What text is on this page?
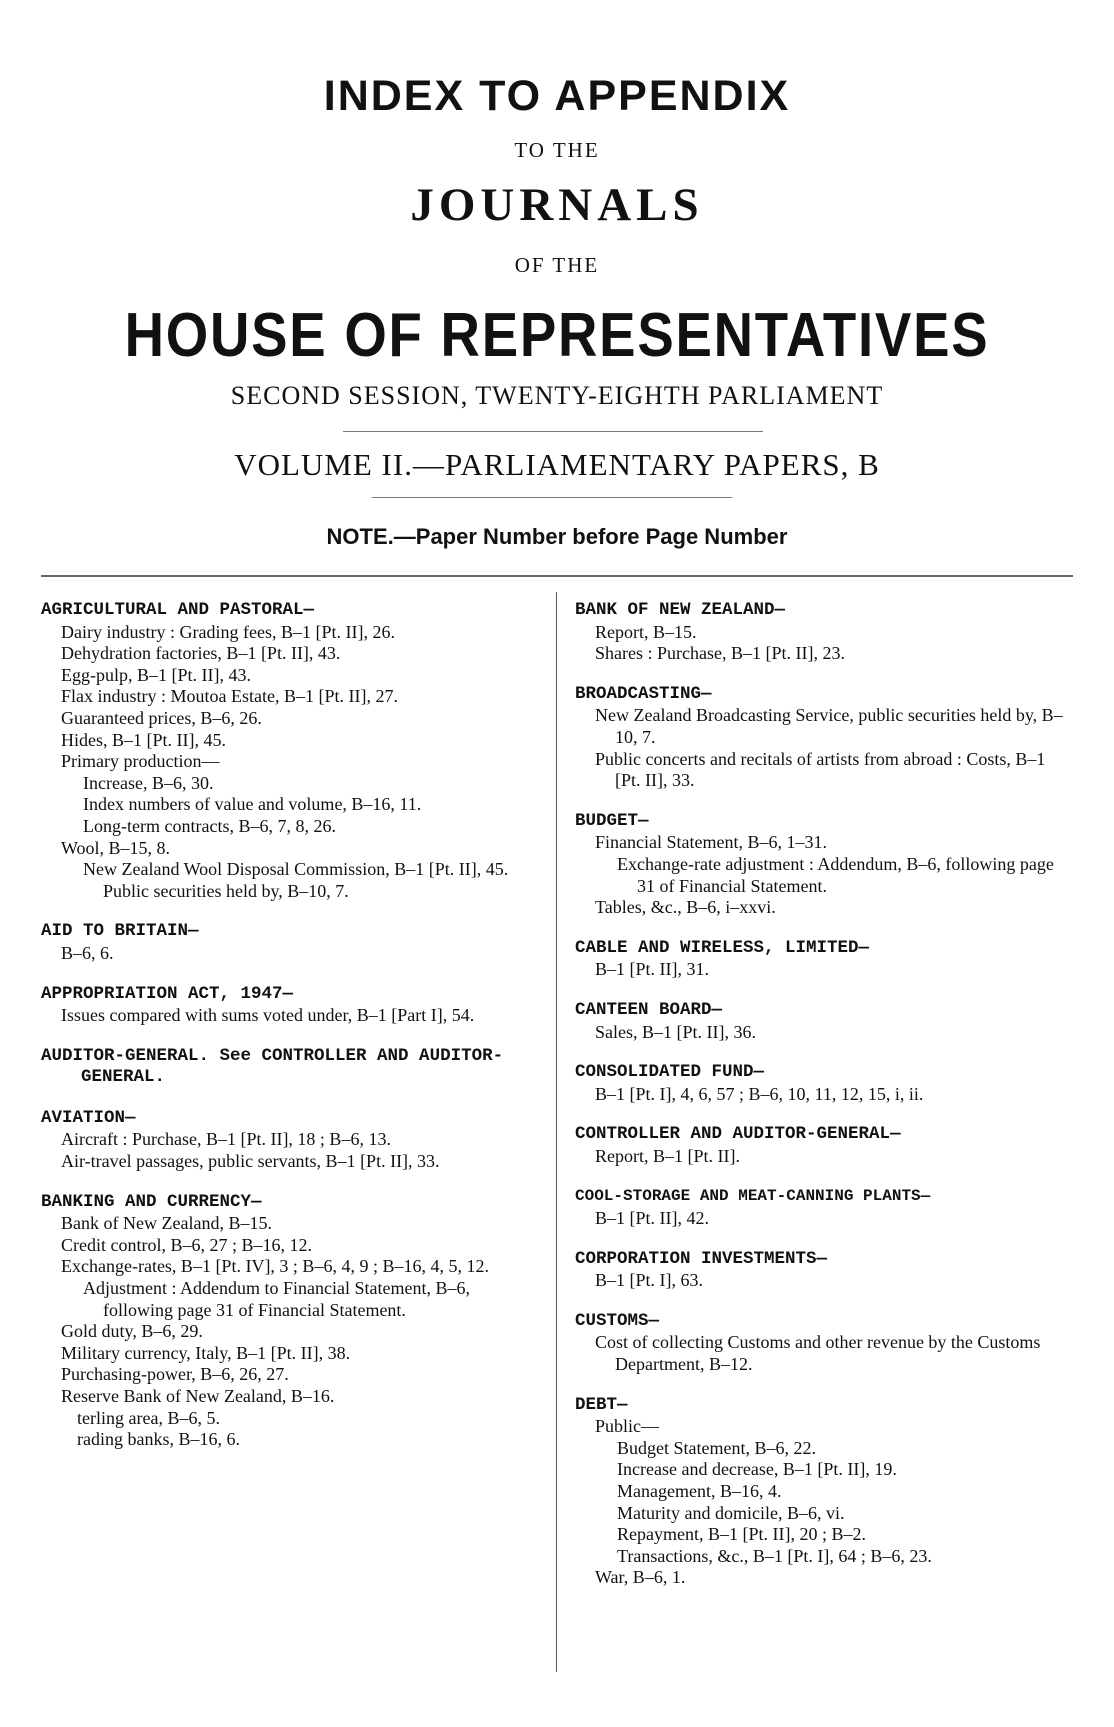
INDEX TO APPENDIX
TO THE
JOURNALS
OF THE
HOUSE OF REPRESENTATIVES
SECOND SESSION, TWENTY-EIGHTH PARLIAMENT
VOLUME II.—PARLIAMENTARY PAPERS, B
NOTE.—Paper Number before Page Number
AGRICULTURAL AND PASTORAL—
Dairy industry : Grading fees, B–1 [Pt. II], 26.
Dehydration factories, B–1 [Pt. II], 43.
Egg-pulp, B–1 [Pt. II], 43.
Flax industry : Moutoa Estate, B–1 [Pt. II], 27.
Guaranteed prices, B–6, 26.
Hides, B–1 [Pt. II], 45.
Primary production—
Increase, B–6, 30.
Index numbers of value and volume, B–16, 11.
Long-term contracts, B–6, 7, 8, 26.
Wool, B–15, 8.
New Zealand Wool Disposal Commission, B–1 [Pt. II], 45.
Public securities held by, B–10, 7.
AID TO BRITAIN—
B–6, 6.
APPROPRIATION ACT, 1947—
Issues compared with sums voted under, B–1 [Part I], 54.
AUDITOR-GENERAL. See CONTROLLER AND AUDITOR-GENERAL.
AVIATION—
Aircraft : Purchase, B–1 [Pt. II], 18 ; B–6, 13.
Air-travel passages, public servants, B–1 [Pt. II], 33.
BANKING AND CURRENCY—
Bank of New Zealand, B–15.
Credit control, B–6, 27 ; B–16, 12.
Exchange-rates, B–1 [Pt. IV], 3 ; B–6, 4, 9 ; B–16, 4, 5, 12.
Adjustment : Addendum to Financial Statement, B–6, following page 31 of Financial Statement.
Gold duty, B–6, 29.
Military currency, Italy, B–1 [Pt. II], 38.
Purchasing-power, B–6, 26, 27.
Reserve Bank of New Zealand, B–16.
terling area, B–6, 5.
rading banks, B–16, 6.
BANK OF NEW ZEALAND—
Report, B–15.
Shares : Purchase, B–1 [Pt. II], 23.
BROADCASTING—
New Zealand Broadcasting Service, public securities held by, B–10, 7.
Public concerts and recitals of artists from abroad : Costs, B–1 [Pt. II], 33.
BUDGET—
Financial Statement, B–6, 1–31.
Exchange-rate adjustment : Addendum, B–6, following page 31 of Financial Statement.
Tables, &c., B–6, i–xxvi.
CABLE AND WIRELESS, LIMITED—
B–1 [Pt. II], 31.
CANTEEN BOARD—
Sales, B–1 [Pt. II], 36.
CONSOLIDATED FUND—
B–1 [Pt. I], 4, 6, 57 ; B–6, 10, 11, 12, 15, i, ii.
CONTROLLER AND AUDITOR-GENERAL—
Report, B–1 [Pt. II].
COOL-STORAGE AND MEAT-CANNING PLANTS—
B–1 [Pt. II], 42.
CORPORATION INVESTMENTS—
B–1 [Pt. I], 63.
CUSTOMS—
Cost of collecting Customs and other revenue by the Customs Department, B–12.
DEBT—
Public—
Budget Statement, B–6, 22.
Increase and decrease, B–1 [Pt. II], 19.
Management, B–16, 4.
Maturity and domicile, B–6, vi.
Repayment, B–1 [Pt. II], 20 ; B–2.
Transactions, &c., B–1 [Pt. I], 64 ; B–6, 23.
War, B–6, 1.
